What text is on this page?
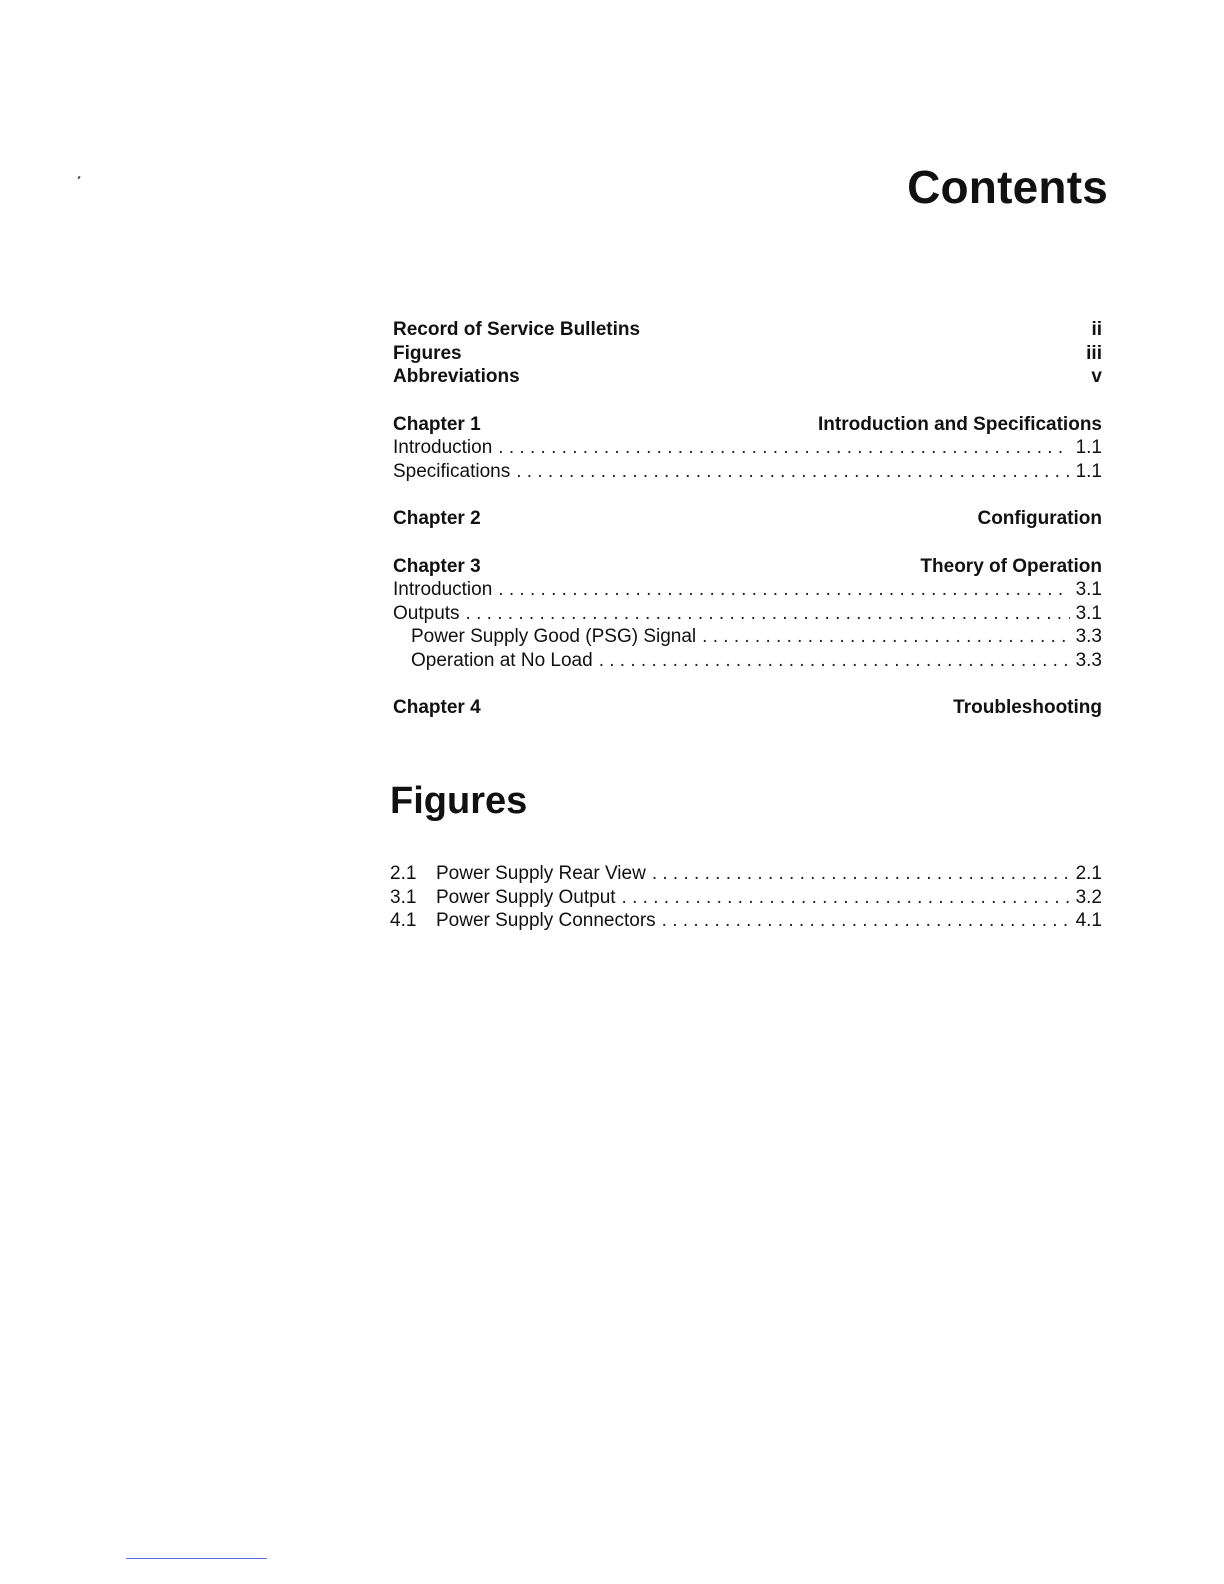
Contents
Record of Service Bulletins	ii
Figures	iii
Abbreviations	v
Chapter 1	Introduction and Specifications
Introduction . . .	1.1
Specifications . . .	1.1
Chapter 2	Configuration
Chapter 3	Theory of Operation
Introduction . . .	3.1
Outputs . . .	3.1
Power Supply Good (PSG) Signal . . .	3.3
Operation at No Load . . .	3.3
Chapter 4	Troubleshooting
Figures
2.1	Power Supply Rear View . . .	2.1
3.1	Power Supply Output . . .	3.2
4.1	Power Supply Connectors . . .	4.1
